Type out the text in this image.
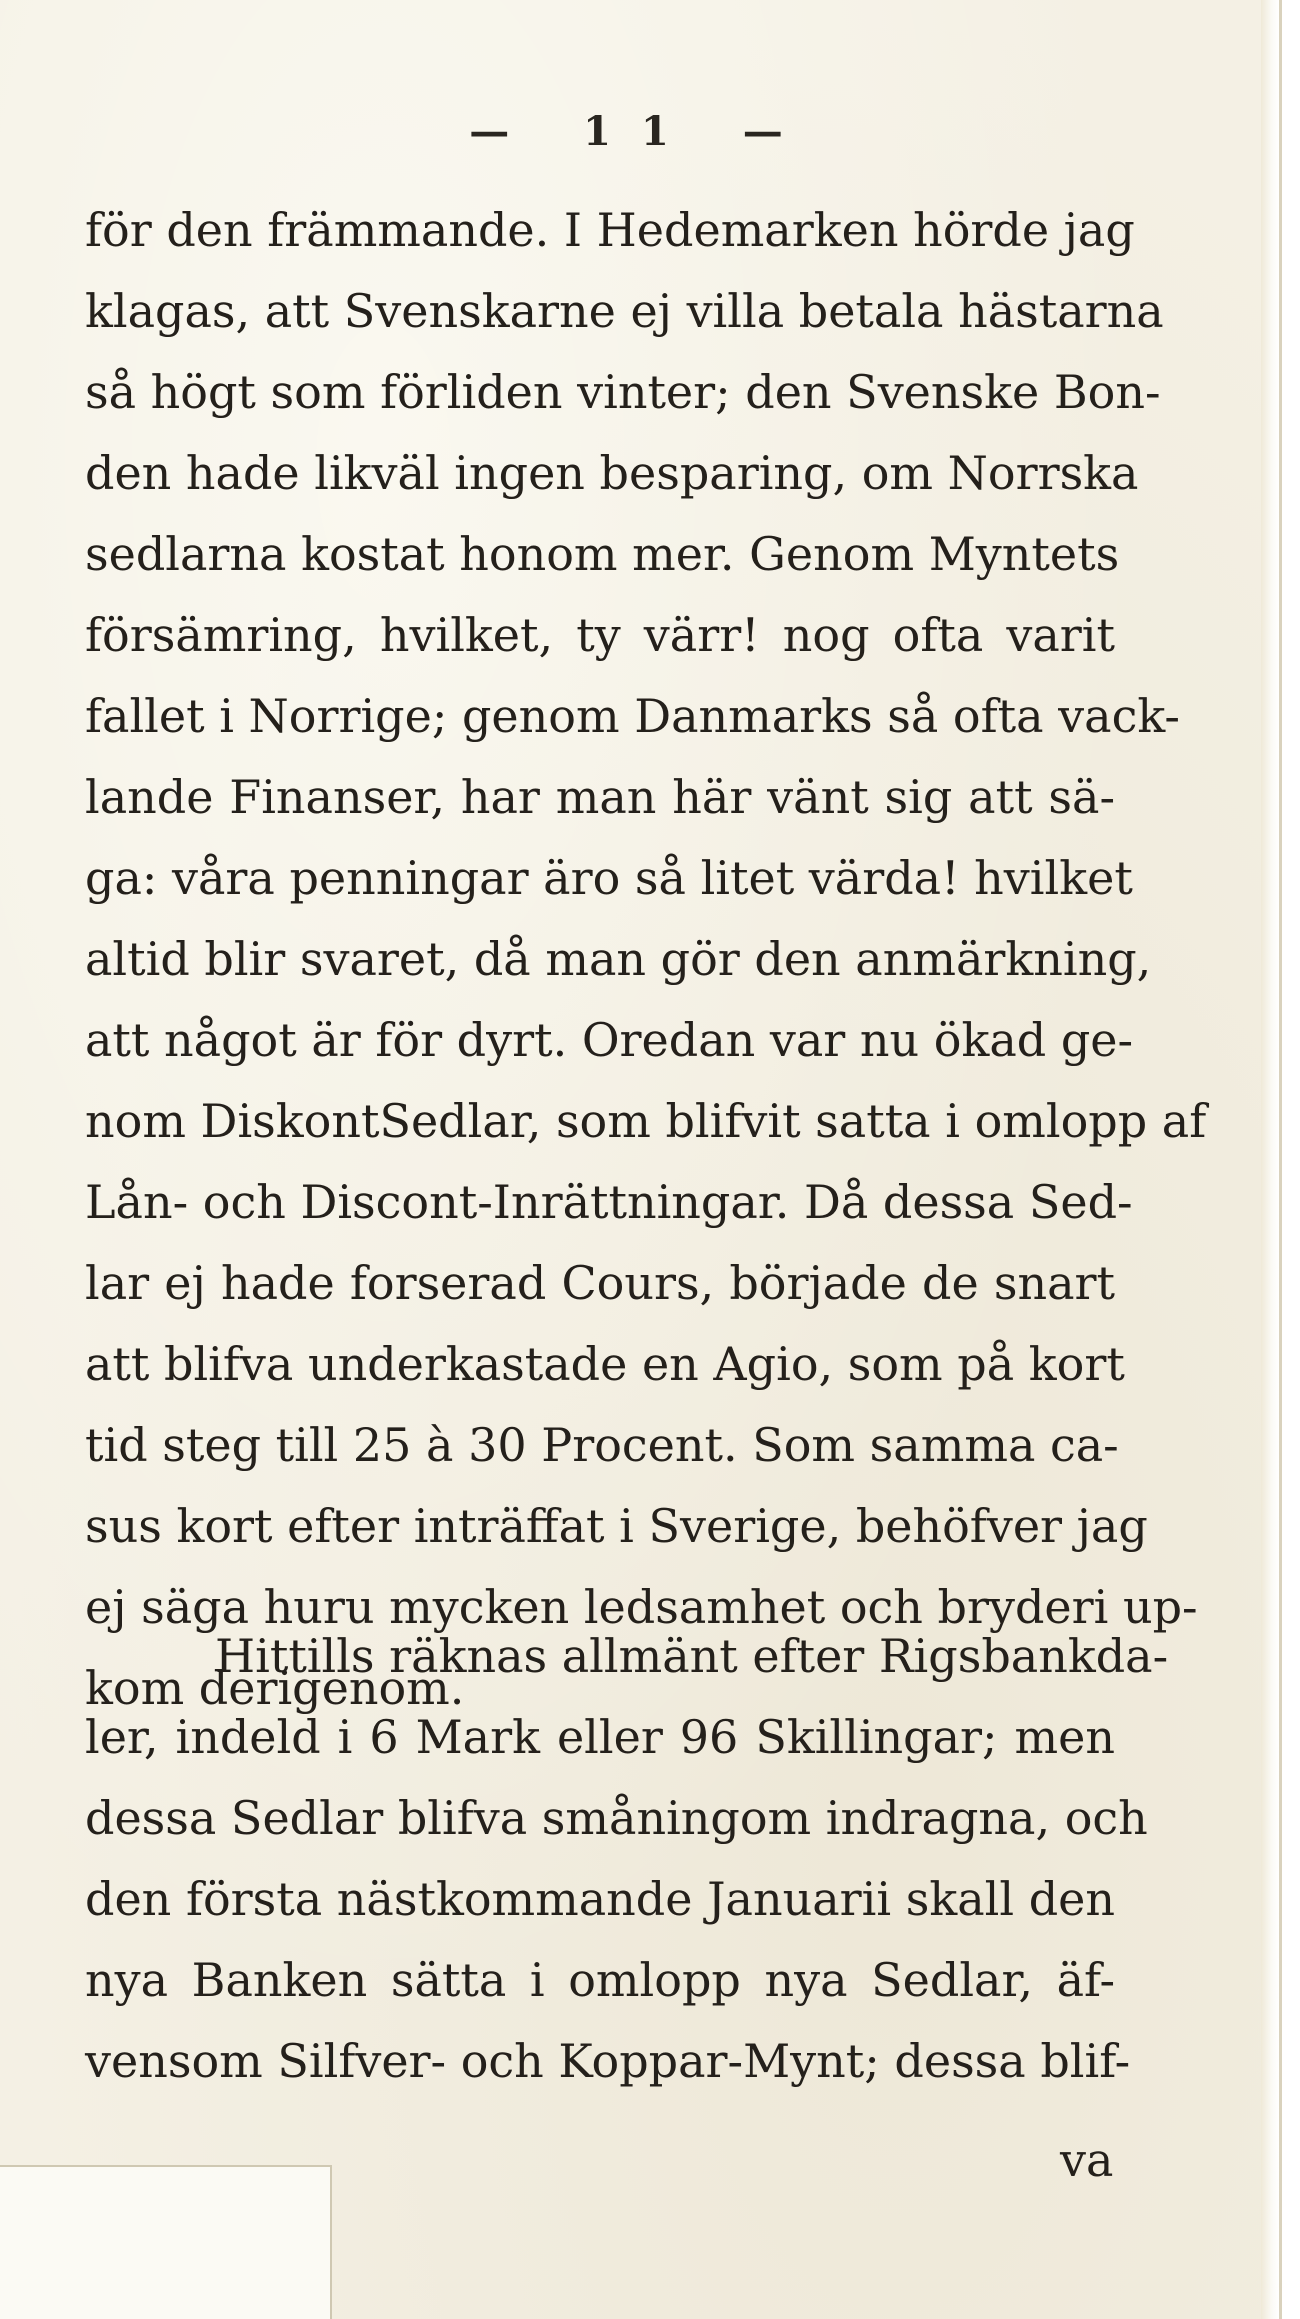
— 11 —
för den främmande. I Hedemarken hörde jag
klagas, att Svenskarne ej villa betala hästarna
så högt som förliden vinter; den Svenske Bon-
den hade likväl ingen besparing, om Norrska
sedlarna kostat honom mer. Genom Myntets
försämring, hvilket, ty värr! nog ofta varit
fallet i Norrige; genom Danmarks så ofta vack-
lande Finanser, har man här vänt sig att sä-
ga: våra penningar äro så litet värda! hvilket
altid blir svaret, då man gör den anmärkning,
att något är för dyrt. Oredan var nu ökad ge-
nom DiskontSedlar, som blifvit satta i omlopp af
Lån- och Discont-Inrättningar. Då dessa Sed-
lar ej hade forserad Cours, började de snart
att blifva underkastade en Agio, som på kort
tid steg till 25 à 30 Procent. Som samma ca-
sus kort efter inträffat i Sverige, behöfver jag
ej säga huru mycken ledsamhet och bryderi up-
kom derigenom.
Hittills räknas allmänt efter Rigsbankda-
ler, indeld i 6 Mark eller 96 Skillingar; men
dessa Sedlar blifva småningom indragna, och
den första nästkommande Januarii skall den
nya Banken sätta i omlopp nya Sedlar, äf-
vensom Silfver- och Koppar-Mynt; dessa blif-
va
